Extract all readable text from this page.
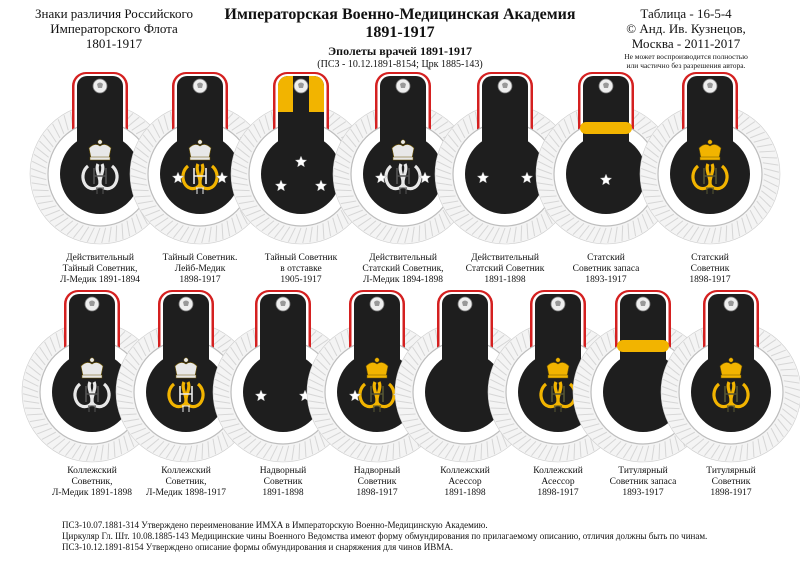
Знаки различия Российского
Императорского Флота
1801-1917
Императорская Военно-Медицинская Академия
1891-1917
Эполеты врачей 1891-1917
(ПСЗ - 10.12.1891-8154; Црк 1885-143)
Таблица - 16-5-4
© Анд. Ив. Кузнецов,
Москва - 2011-2017
Не может воспроизводится полностью
или частично без разрешения автора.
Действительный
Тайный Советник,
Л-Медик 1891-1894
Тайный Советник.
Лейб-Медик
1898-1917
Тайный Советник
в отставке
1905-1917
Действительный
Статский Советник,
Л-Медик 1894-1898
Действительный
Статский Советник
1891-1898
Статский
Советник запаса
1893-1917
Статский
Советник
1898-1917
Коллежский
Советник,
Л-Медик 1891-1898
Коллежский
Советник,
Л-Медик 1898-1917
Надворный
Советник
1891-1898
Надворный
Советник
1898-1917
Коллежский
Асессор
1891-1898
Коллежский
Асессор
1898-1917
Титулярный
Советник запаса
1893-1917
Титулярный
Советник
1898-1917
ПСЗ-10.07.1881-314 Утверждено переименование ИМХА в Императорскую Военно-Медицинскую Академию.
Циркуляр Гл. Шт. 10.08.1885-143 Медицинские чины Военного Ведомства имеют форму обмундирования по прилагаемому описанию, отличия должны быть по чинам.
ПСЗ-10.12.1891-8154 Утверждено описание формы обмундирования и снаряжения для чинов ИВМА.
